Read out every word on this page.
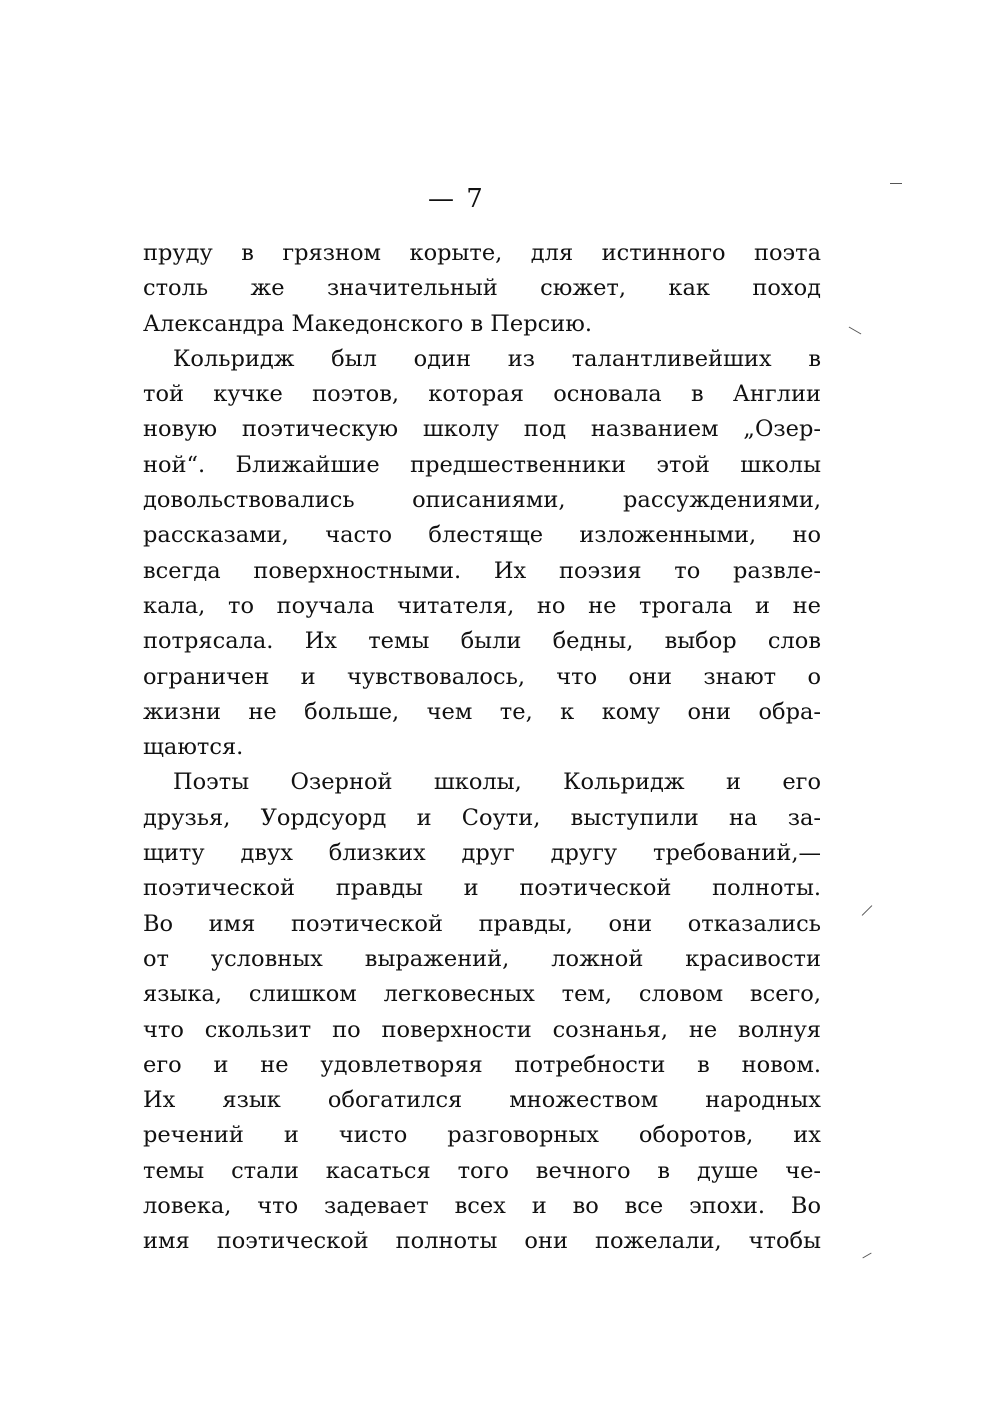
— 7
пруду в грязном корыте, для истинного поэта
столь же значительный сюжет, как поход
Александра Македонского в Персию.
Кольридж был один из талантливейших в
той кучке поэтов, которая основала в Англии
новую поэтическую школу под названием „Озер-
ной“. Ближайшие предшественники этой школы
довольствовались описаниями, рассуждениями,
рассказами, часто блестяще изложенными, но
всегда поверхностными. Их поэзия то развле-
кала, то поучала читателя, но не трогала и не
потрясала. Их темы были бедны, выбор слов
ограничен и чувствовалось, что они знают о
жизни не больше, чем те, к кому они обра-
щаются.
Поэты Озерной школы, Кольридж и его
друзья, Уордсуорд и Соути, выступили на за-
щиту двух близких друг другу требований,—
поэтической правды и поэтической полноты.
Во имя поэтической правды, они отказались
от условных выражений, ложной красивости
языка, слишком легковесных тем, словом всего,
что скользит по поверхности сознанья, не волнуя
его и не удовлетворяя потребности в новом.
Их язык обогатился множеством народных
речений и чисто разговорных оборотов, их
темы стали касаться того вечного в душе че-
ловека, что задевает всех и во все эпохи. Во
имя поэтической полноты они пожелали, чтобы
